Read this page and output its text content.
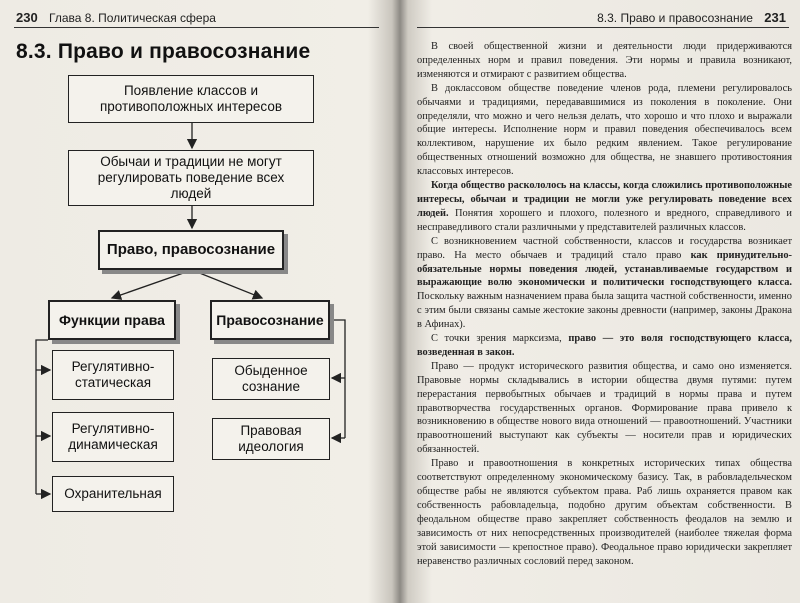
230 Глава 8. Политическая сфера
8.3. Право и правосознание
Появление классов и противоположных интересов
Обычаи и традиции не могут регулировать поведение всех людей
Право, правосознание
Функции права	Правосознание
Регулятивно-статическая
Обыденное сознание
Регулятивно-динамическая
Правовая идеология
Охранительная
8.3. Право и правосознание 231

В своей общественной жизни и деятельности люди придерживаются определенных норм и правил поведения. Эти нормы и правила возникают, изменяются и отмирают с развитием общества.

В доклассовом обществе поведение членов рода, племени регулировалось обычаями и традициями, передававшимися из поколения в поколение. Они определяли, что можно и чего нельзя делать, что хорошо и что плохо и выражали общие интересы. Исполнение норм и правил поведения обеспечивалось всем коллективом, нарушение их было редким явлением. Такое регулирование общественных отношений возможно для общества, не знавшего противостояния классовых интересов.

Когда общество раскололось на классы, когда сложились противоположные интересы, обычаи и традиции не могли уже регулировать поведение всех людей. Понятия хорошего и плохого, полезного и вредного, справедливого и несправедливого стали различными у представителей различных классов.

С возникновением частной собственности, классов и государства возникает право. На место обычаев и традиций стало право как принудительно-обязательные нормы поведения людей, устанавливаемые государством и выражающие волю экономически и политически господствующего класса. Поскольку важным назначением права была защита частной собственности, именно с этим были связаны самые жестокие законы древности (например, законы Дракона в Афинах).

С точки зрения марксизма, право — это воля господствующего класса, возведенная в закон.

Право — продукт исторического развития общества, и само оно изменяется. Правовые нормы складывались в истории общества двумя путями: путем перерастания первобытных обычаев и традиций в нормы права и путем правотворчества государственных органов. Формирование права привело к возникновению в обществе нового вида отношений — правоотношений. Участники правоотношений выступают как субъекты — носители прав и юридических обязанностей.

Право и правоотношения в конкретных исторических типах общества соответствуют определенному экономическому базису. Так, в рабовладельческом обществе рабы не являются субъектом права. Раб лишь охраняется правом как собственность рабовладельца, подобно другим объектам собственности. В феодальном обществе право закрепляет собственность феодалов на землю и зависимость от них непосредственных производителей (наиболее тяжелая форма этой зависимости — крепостное право). Феодальное право юридически закрепляет неравенство различных сословий перед законом.
